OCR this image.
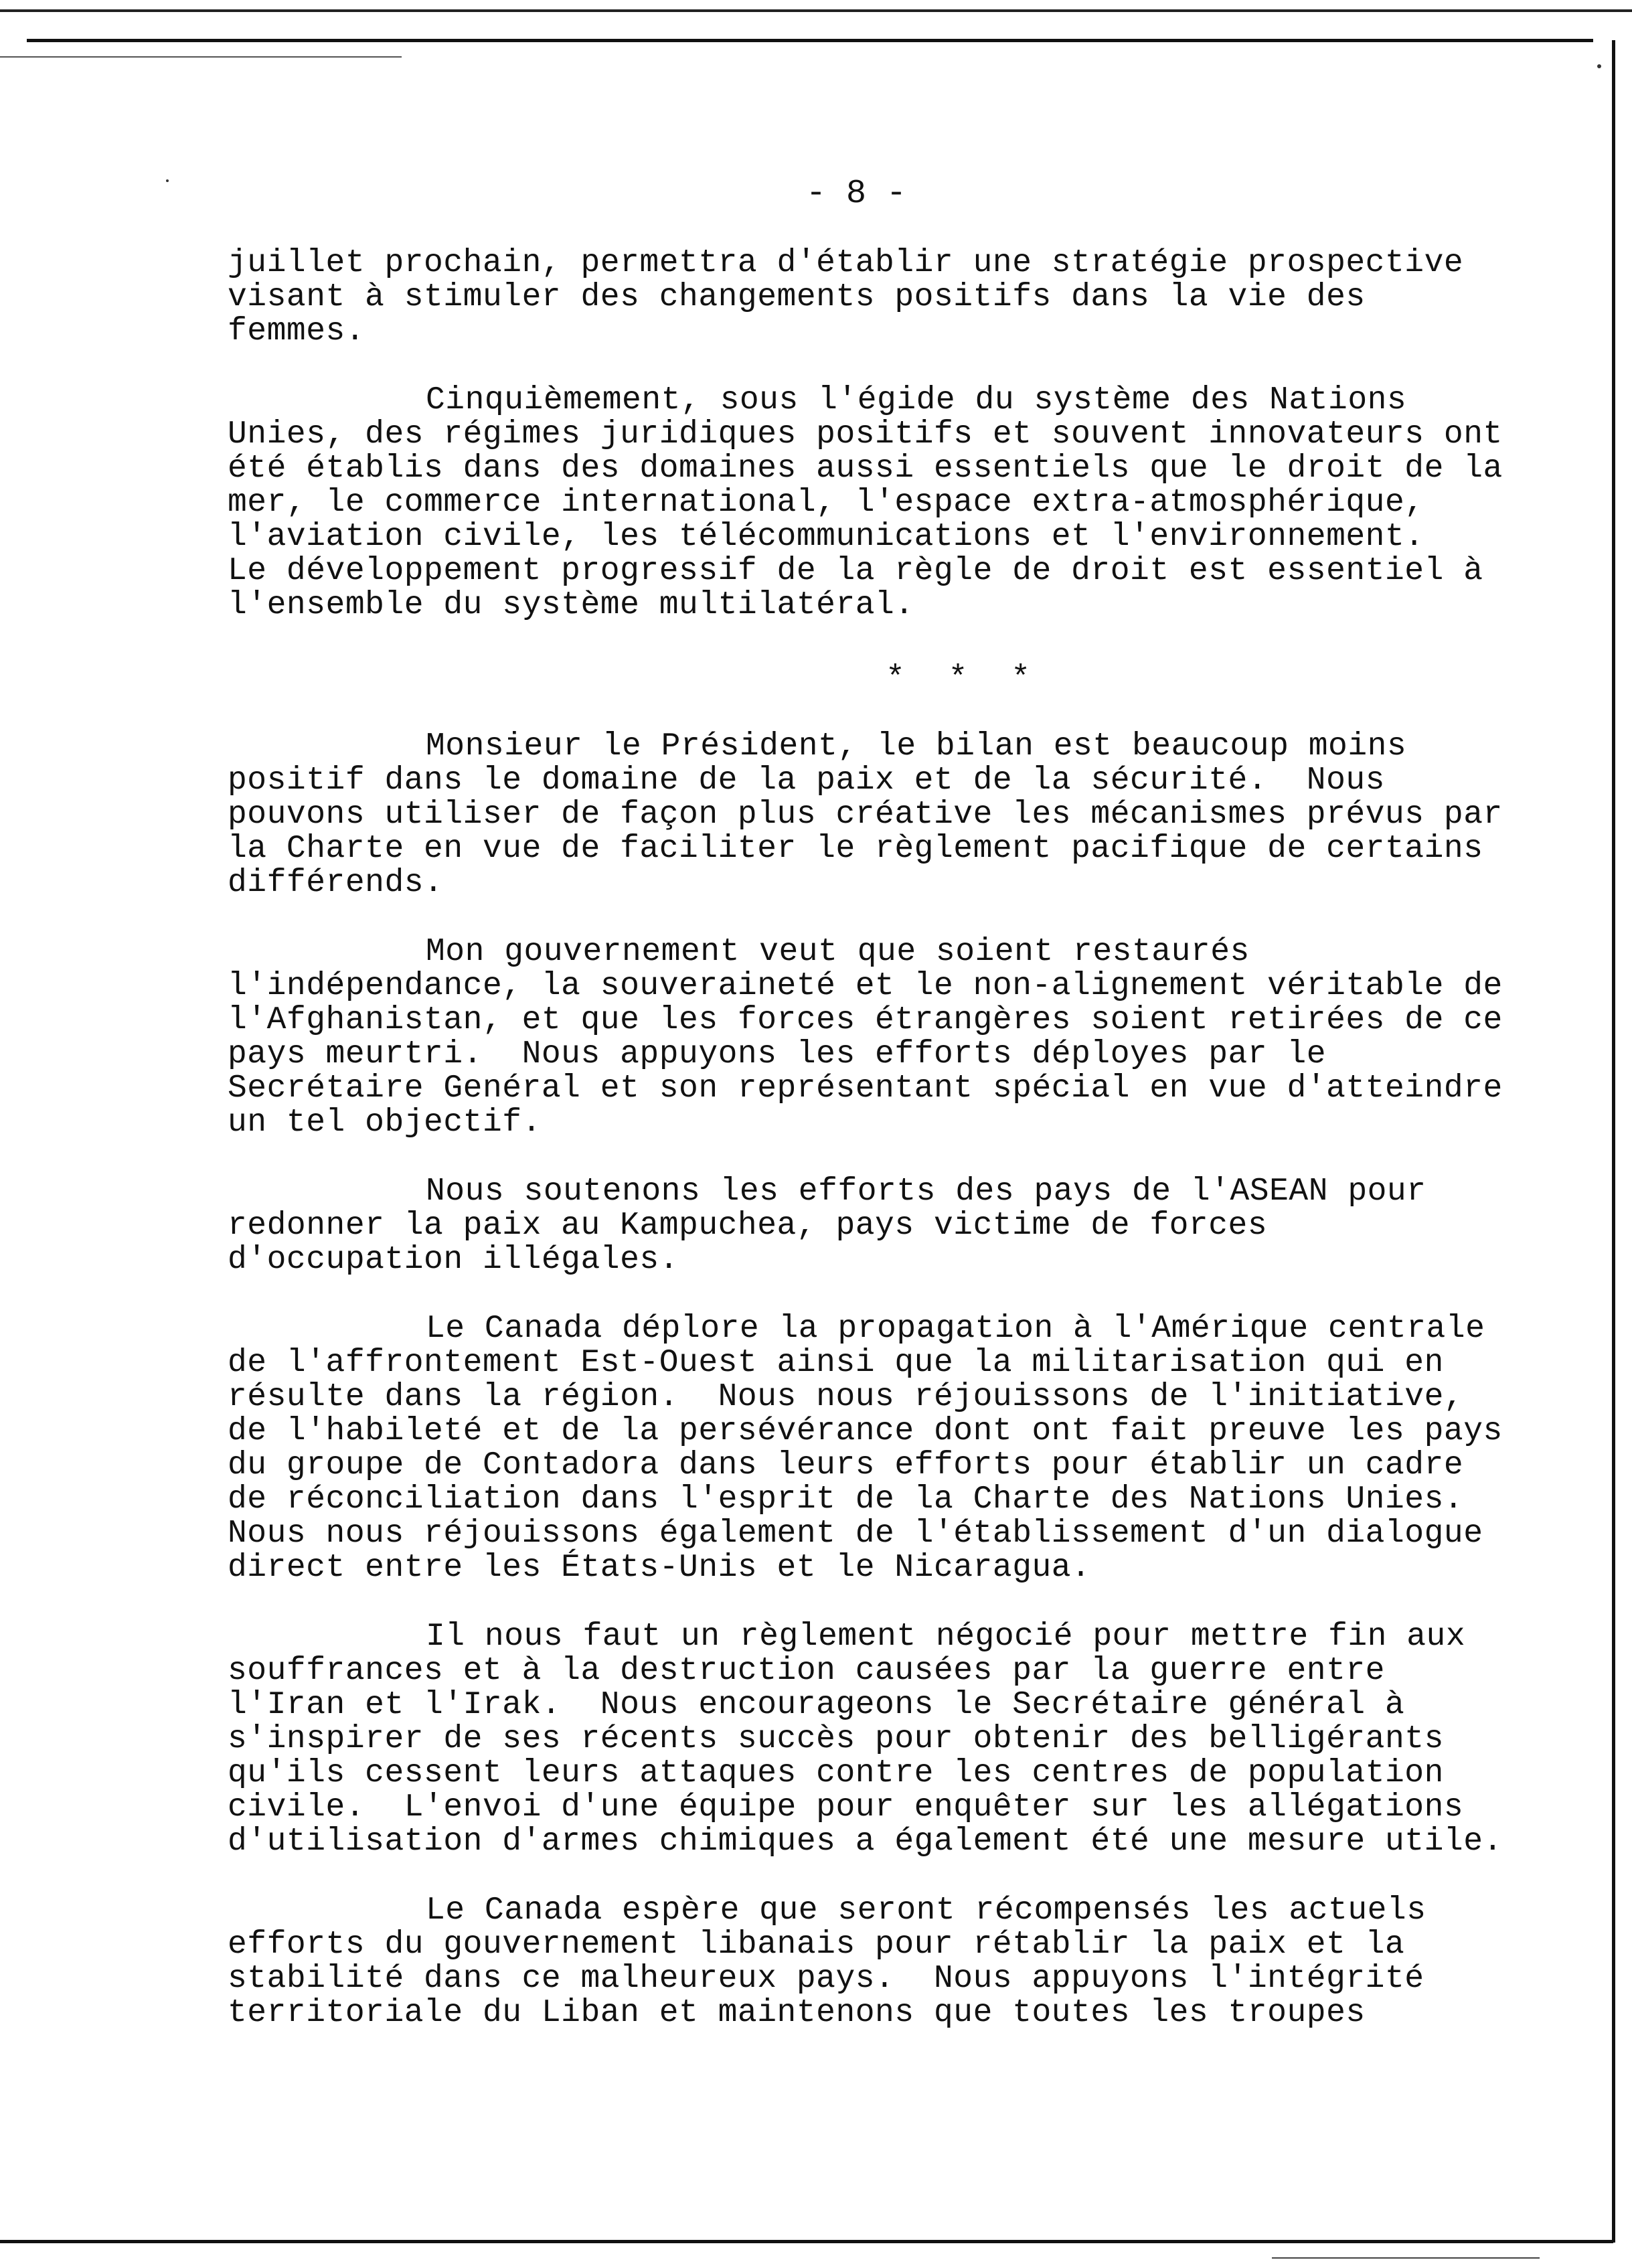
- 8 -
juillet prochain, permettra d'établir une stratégie prospective
visant à stimuler des changements positifs dans la vie des
femmes.
Cinquièmement, sous l'égide du système des Nations
Unies, des régimes juridiques positifs et souvent innovateurs ont
été établis dans des domaines aussi essentiels que le droit de la
mer, le commerce international, l'espace extra-atmosphérique,
l'aviation civile, les télécommunications et l'environnement.
Le développement progressif de la règle de droit est essentiel à
l'ensemble du système multilatéral.
* * *
Monsieur le Président, le bilan est beaucoup moins
positif dans le domaine de la paix et de la sécurité.  Nous
pouvons utiliser de façon plus créative les mécanismes prévus par
la Charte en vue de faciliter le règlement pacifique de certains
différends.
Mon gouvernement veut que soient restaurés
l'indépendance, la souveraineté et le non-alignement véritable de
l'Afghanistan, et que les forces étrangères soient retirées de ce
pays meurtri.  Nous appuyons les efforts déployes par le
Secrétaire Genéral et son représentant spécial en vue d'atteindre
un tel objectif.
Nous soutenons les efforts des pays de l'ASEAN pour
redonner la paix au Kampuchea, pays victime de forces
d'occupation illégales.
Le Canada déplore la propagation à l'Amérique centrale
de l'affrontement Est-Ouest ainsi que la militarisation qui en
résulte dans la région.  Nous nous réjouissons de l'initiative,
de l'habileté et de la persévérance dont ont fait preuve les pays
du groupe de Contadora dans leurs efforts pour établir un cadre
de réconciliation dans l'esprit de la Charte des Nations Unies.
Nous nous réjouissons également de l'établissement d'un dialogue
direct entre les États-Unis et le Nicaragua.
Il nous faut un règlement négocié pour mettre fin aux
souffrances et à la destruction causées par la guerre entre
l'Iran et l'Irak.  Nous encourageons le Secrétaire général à
s'inspirer de ses récents succès pour obtenir des belligérants
qu'ils cessent leurs attaques contre les centres de population
civile.  L'envoi d'une équipe pour enquêter sur les allégations
d'utilisation d'armes chimiques a également été une mesure utile.
Le Canada espère que seront récompensés les actuels
efforts du gouvernement libanais pour rétablir la paix et la
stabilité dans ce malheureux pays.  Nous appuyons l'intégrité
territoriale du Liban et maintenons que toutes les troupes
